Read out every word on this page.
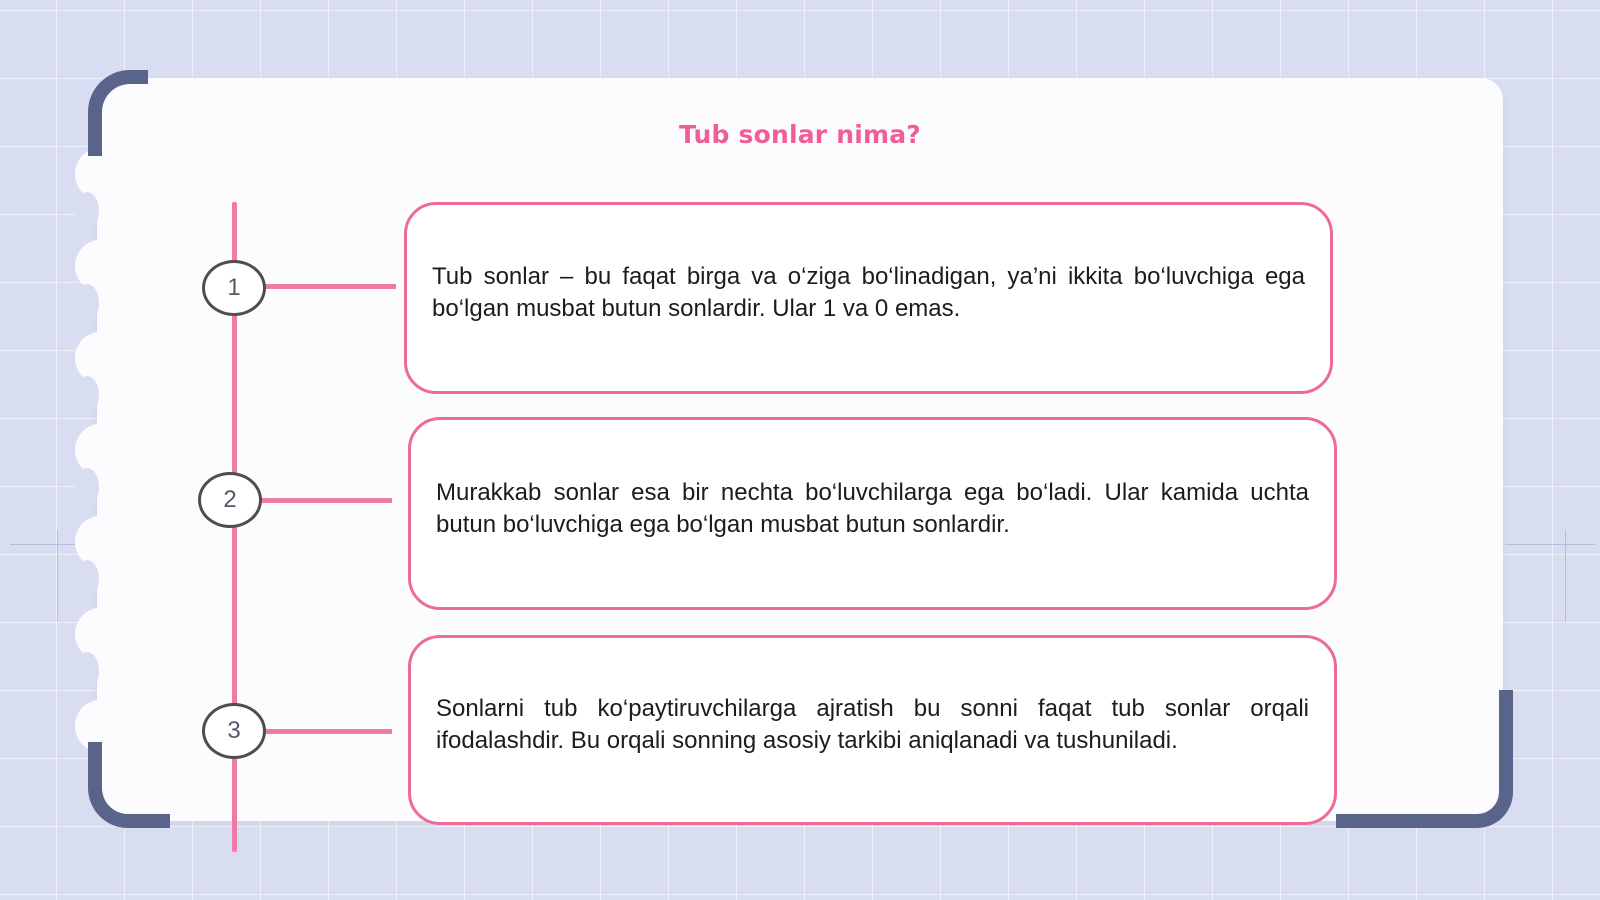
Tub sonlar nima?
1	Tub sonlar – bu faqat birga va o‘ziga bo‘linadigan, ya’ni ikkita bo‘luvchiga ega bo‘lgan musbat butun sonlardir. Ular 1 va 0 emas.
2	Murakkab sonlar esa bir nechta bo‘luvchilarga ega bo‘ladi. Ular kamida uchta butun bo‘luvchiga ega bo‘lgan musbat butun sonlardir.
3
Sonlarni tub ko‘paytiruvchilarga ajratish bu sonni faqat tub sonlar orqali ifodalashdir. Bu orqali sonning asosiy tarkibi aniqlanadi va tushuniladi.
